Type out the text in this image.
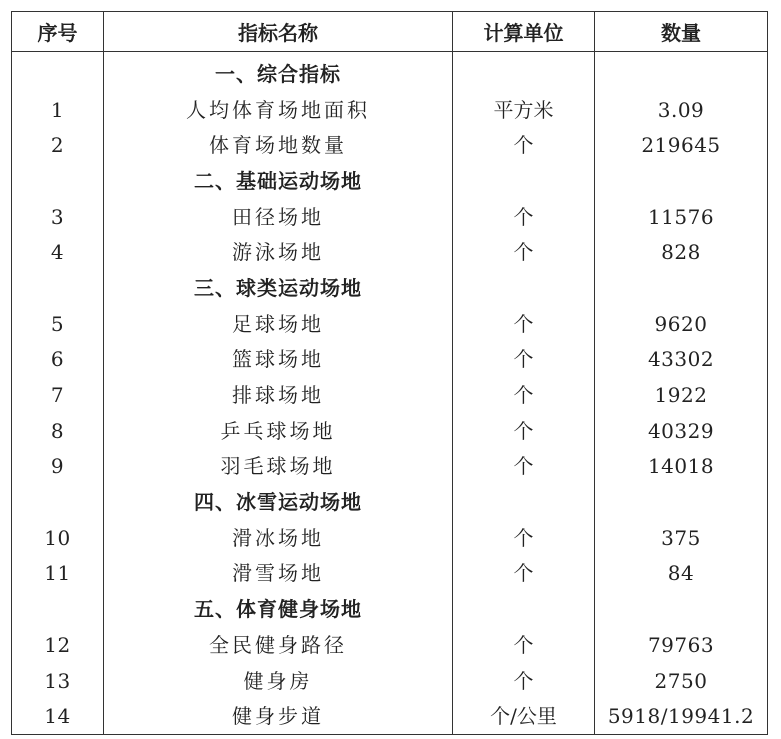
序号	指标名称	计算单位	数量
	一、综合指标		
1	人均体育场地面积	平方米	3.09
2	体育场地数量	个	219645
	二、基础运动场地		
3	田径场地	个	11576
4	游泳场地	个	828
	三、球类运动场地		
5	足球场地	个	9620
6	篮球场地	个	43302
7	排球场地	个	1922
8	乒乓球场地	个	40329
9	羽毛球场地	个	14018
	四、冰雪运动场地		
10	滑冰场地	个	375
11	滑雪场地	个	84
	五、体育健身场地		
12	全民健身路径	个	79763
13	健身房	个	2750
14	健身步道	个/公里	5918/19941.2
